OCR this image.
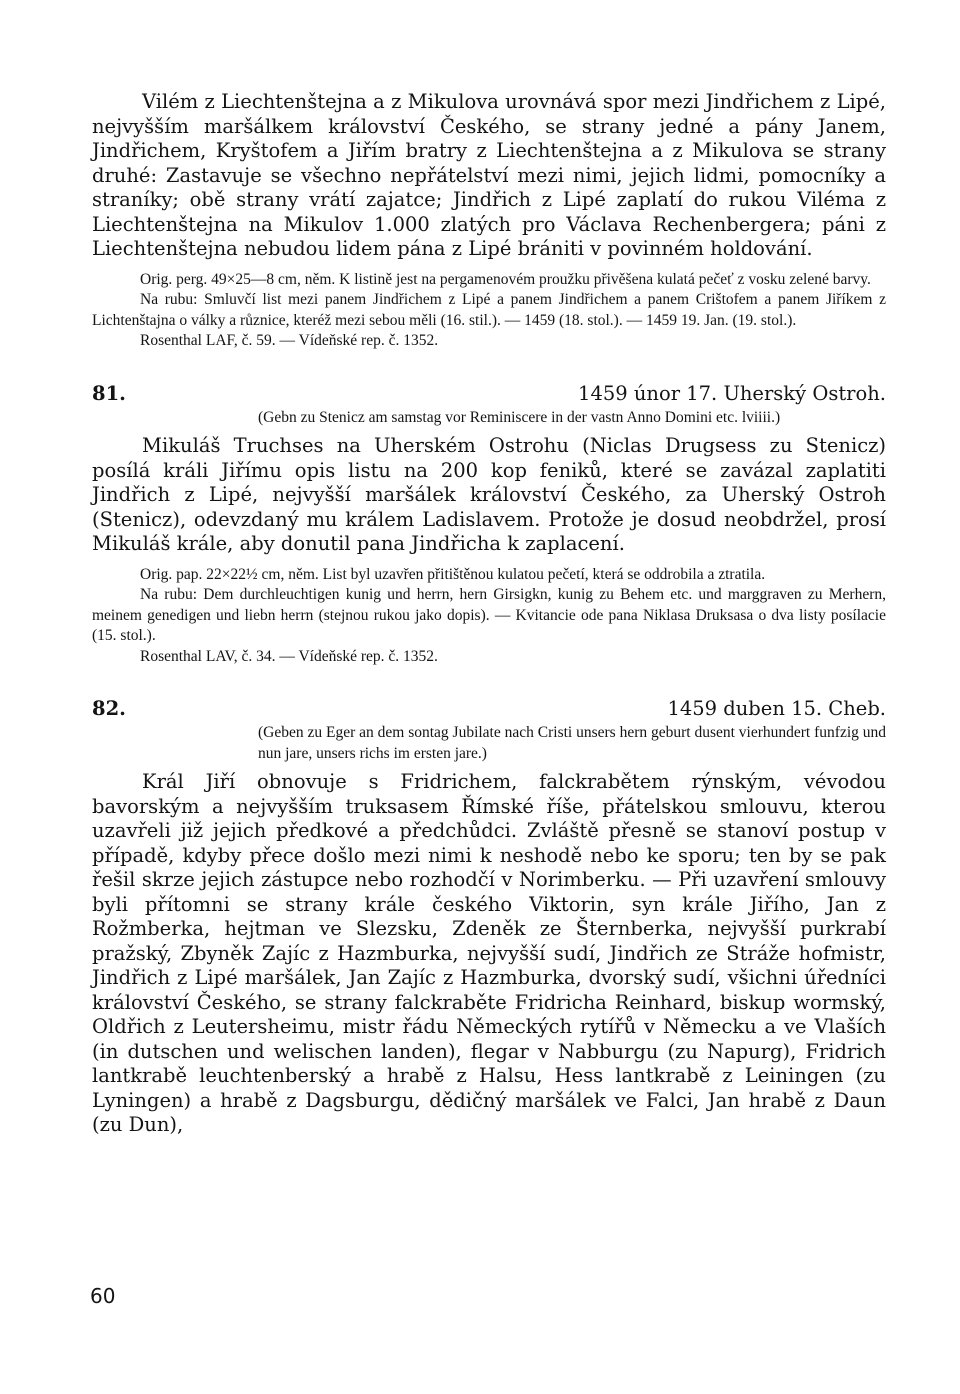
Vilém z Liechtenštejna a z Mikulova urovnává spor mezi Jindřichem z Lipé, nejvyšším maršálkem království Českého, se strany jedné a pány Janem, Jindřichem, Kryštofem a Jiřím bratry z Liechtenštejna a z Mikulova se strany druhé: Zastavuje se všechno nepřátelství mezi nimi, jejich lidmi, pomocníky a straníky; obě strany vrátí zajatce; Jindřich z Lipé zaplatí do rukou Viléma z Liechtenštejna na Mikulov 1.000 zlatých pro Václava Rechenbergera; páni z Liechtenštejna nebudou lidem pána z Lipé brániti v povinném holdování.

Orig. perg. 49×25—8 cm, něm. K listině jest na pergamenovém proužku přivěšena kulatá pečeť z vosku zelené barvy.

Na rubu: Smluvčí list mezi panem Jindřichem z Lipé a panem Jindřichem a panem Crištofem a panem Jiříkem z Lichtenštajna o války a různice, kteréž mezi sebou měli (16. stil.). — 1459 (18. stol.). — 1459 19. Jan. (19. stol.).

Rosenthal LAF, č. 59. — Vídeňské rep. č. 1352.

81.	1459 únor 17. Uherský Ostroh.

(Gebn zu Stenicz am samstag vor Reminiscere in der vastn Anno Domini etc. lviiii.)

Mikuláš Truchses na Uherském Ostrohu (Niclas Drugsess zu Stenicz) posílá králi Jiřímu opis listu na 200 kop feniků, které se zavázal zaplatiti Jindřich z Lipé, nejvyšší maršálek království Českého, za Uherský Ostroh (Stenicz), odevzdaný mu králem Ladislavem. Protože je dosud neobdržel, prosí Mikuláš krále, aby donutil pana Jindřicha k zaplacení.

Orig. pap. 22×22½ cm, něm. List byl uzavřen přitištěnou kulatou pečetí, která se oddrobila a ztratila.

Na rubu: Dem durchleuchtigen kunig und herrn, hern Girsigkn, kunig zu Behem etc. und marggraven zu Merhern, meinem genedigen und liebn herrn (stejnou rukou jako dopis). — Kvitancie ode pana Niklasa Druksasa o dva listy posílacie (15. stol.).

Rosenthal LAV, č. 34. — Vídeňské rep. č. 1352.

82.	1459 duben 15. Cheb.

(Geben zu Eger an dem sontag Jubilate nach Cristi unsers hern geburt dusent vierhundert funfzig und nun jare, unsers richs im ersten jare.)

Král Jiří obnovuje s Fridrichem, falckrabětem rýnským, vévodou bavorským a nejvyšším truksasem Římské říše, přátelskou smlouvu, kterou uzavřeli již jejich předkové a předchůdci. Zvláště přesně se stanoví postup v případě, kdyby přece došlo mezi nimi k neshodě nebo ke sporu; ten by se pak řešil skrze jejich zástupce nebo rozhodčí v Norimberku. — Při uzavření smlouvy byli přítomni se strany krále českého Viktorin, syn krále Jiřího, Jan z Rožmberka, hejtman ve Slezsku, Zdeněk ze Šternberka, nejvyšší purkrabí pražský, Zbyněk Zajíc z Hazmburka, nejvyšší sudí, Jindřich ze Stráže hofmistr, Jindřich z Lipé maršálek, Jan Zajíc z Hazmburka, dvorský sudí, všichni úředníci království Českého, se strany falckraběte Fridricha Reinhard, biskup wormský, Oldřich z Leutersheimu, mistr řádu Německých rytířů v Německu a ve Vlaších (in dutschen und welischen landen), flegar v Nabburgu (zu Napurg), Fridrich lantkrabě leuchtenberský a hrabě z Halsu, Hess lantkrabě z Leiningen (zu Lyningen) a hrabě z Dagsburgu, dědičný maršálek ve Falci, Jan hrabě z Daun (zu Dun),

60
